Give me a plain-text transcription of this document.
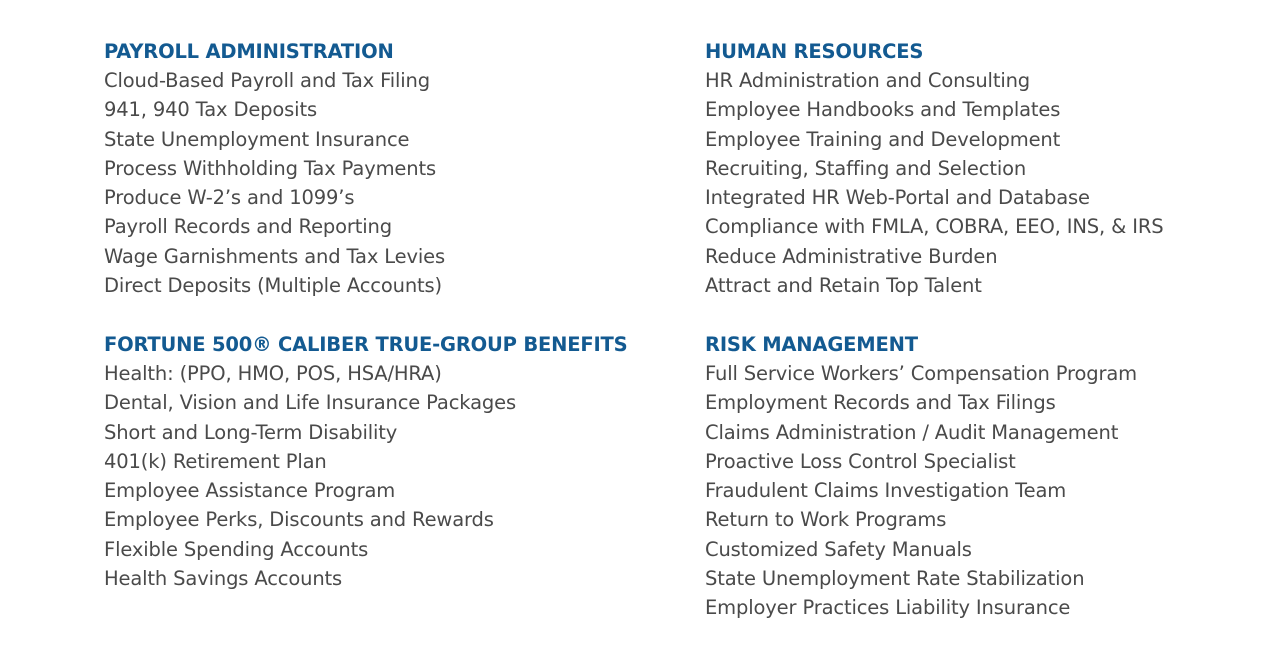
PAYROLL ADMINISTRATION
Cloud-Based Payroll and Tax Filing
941, 940 Tax Deposits
State Unemployment Insurance
Process Withholding Tax Payments
Produce W-2’s and 1099’s
Payroll Records and Reporting
Wage Garnishments and Tax Levies
Direct Deposits (Multiple Accounts)
HUMAN RESOURCES
HR Administration and Consulting
Employee Handbooks and Templates
Employee Training and Development
Recruiting, Staffing and Selection
Integrated HR Web-Portal and Database
Compliance with FMLA, COBRA, EEO, INS, & IRS
Reduce Administrative Burden
Attract and Retain Top Talent
FORTUNE 500® CALIBER TRUE-GROUP BENEFITS
Health: (PPO, HMO, POS, HSA/HRA)
Dental, Vision and Life Insurance Packages
Short and Long-Term Disability
401(k) Retirement Plan
Employee Assistance Program
Employee Perks, Discounts and Rewards
Flexible Spending Accounts
Health Savings Accounts
RISK MANAGEMENT
Full Service Workers’ Compensation Program
Employment Records and Tax Filings
Claims Administration / Audit Management
Proactive Loss Control Specialist
Fraudulent Claims Investigation Team
Return to Work Programs
Customized Safety Manuals
State Unemployment Rate Stabilization
Employer Practices Liability Insurance
